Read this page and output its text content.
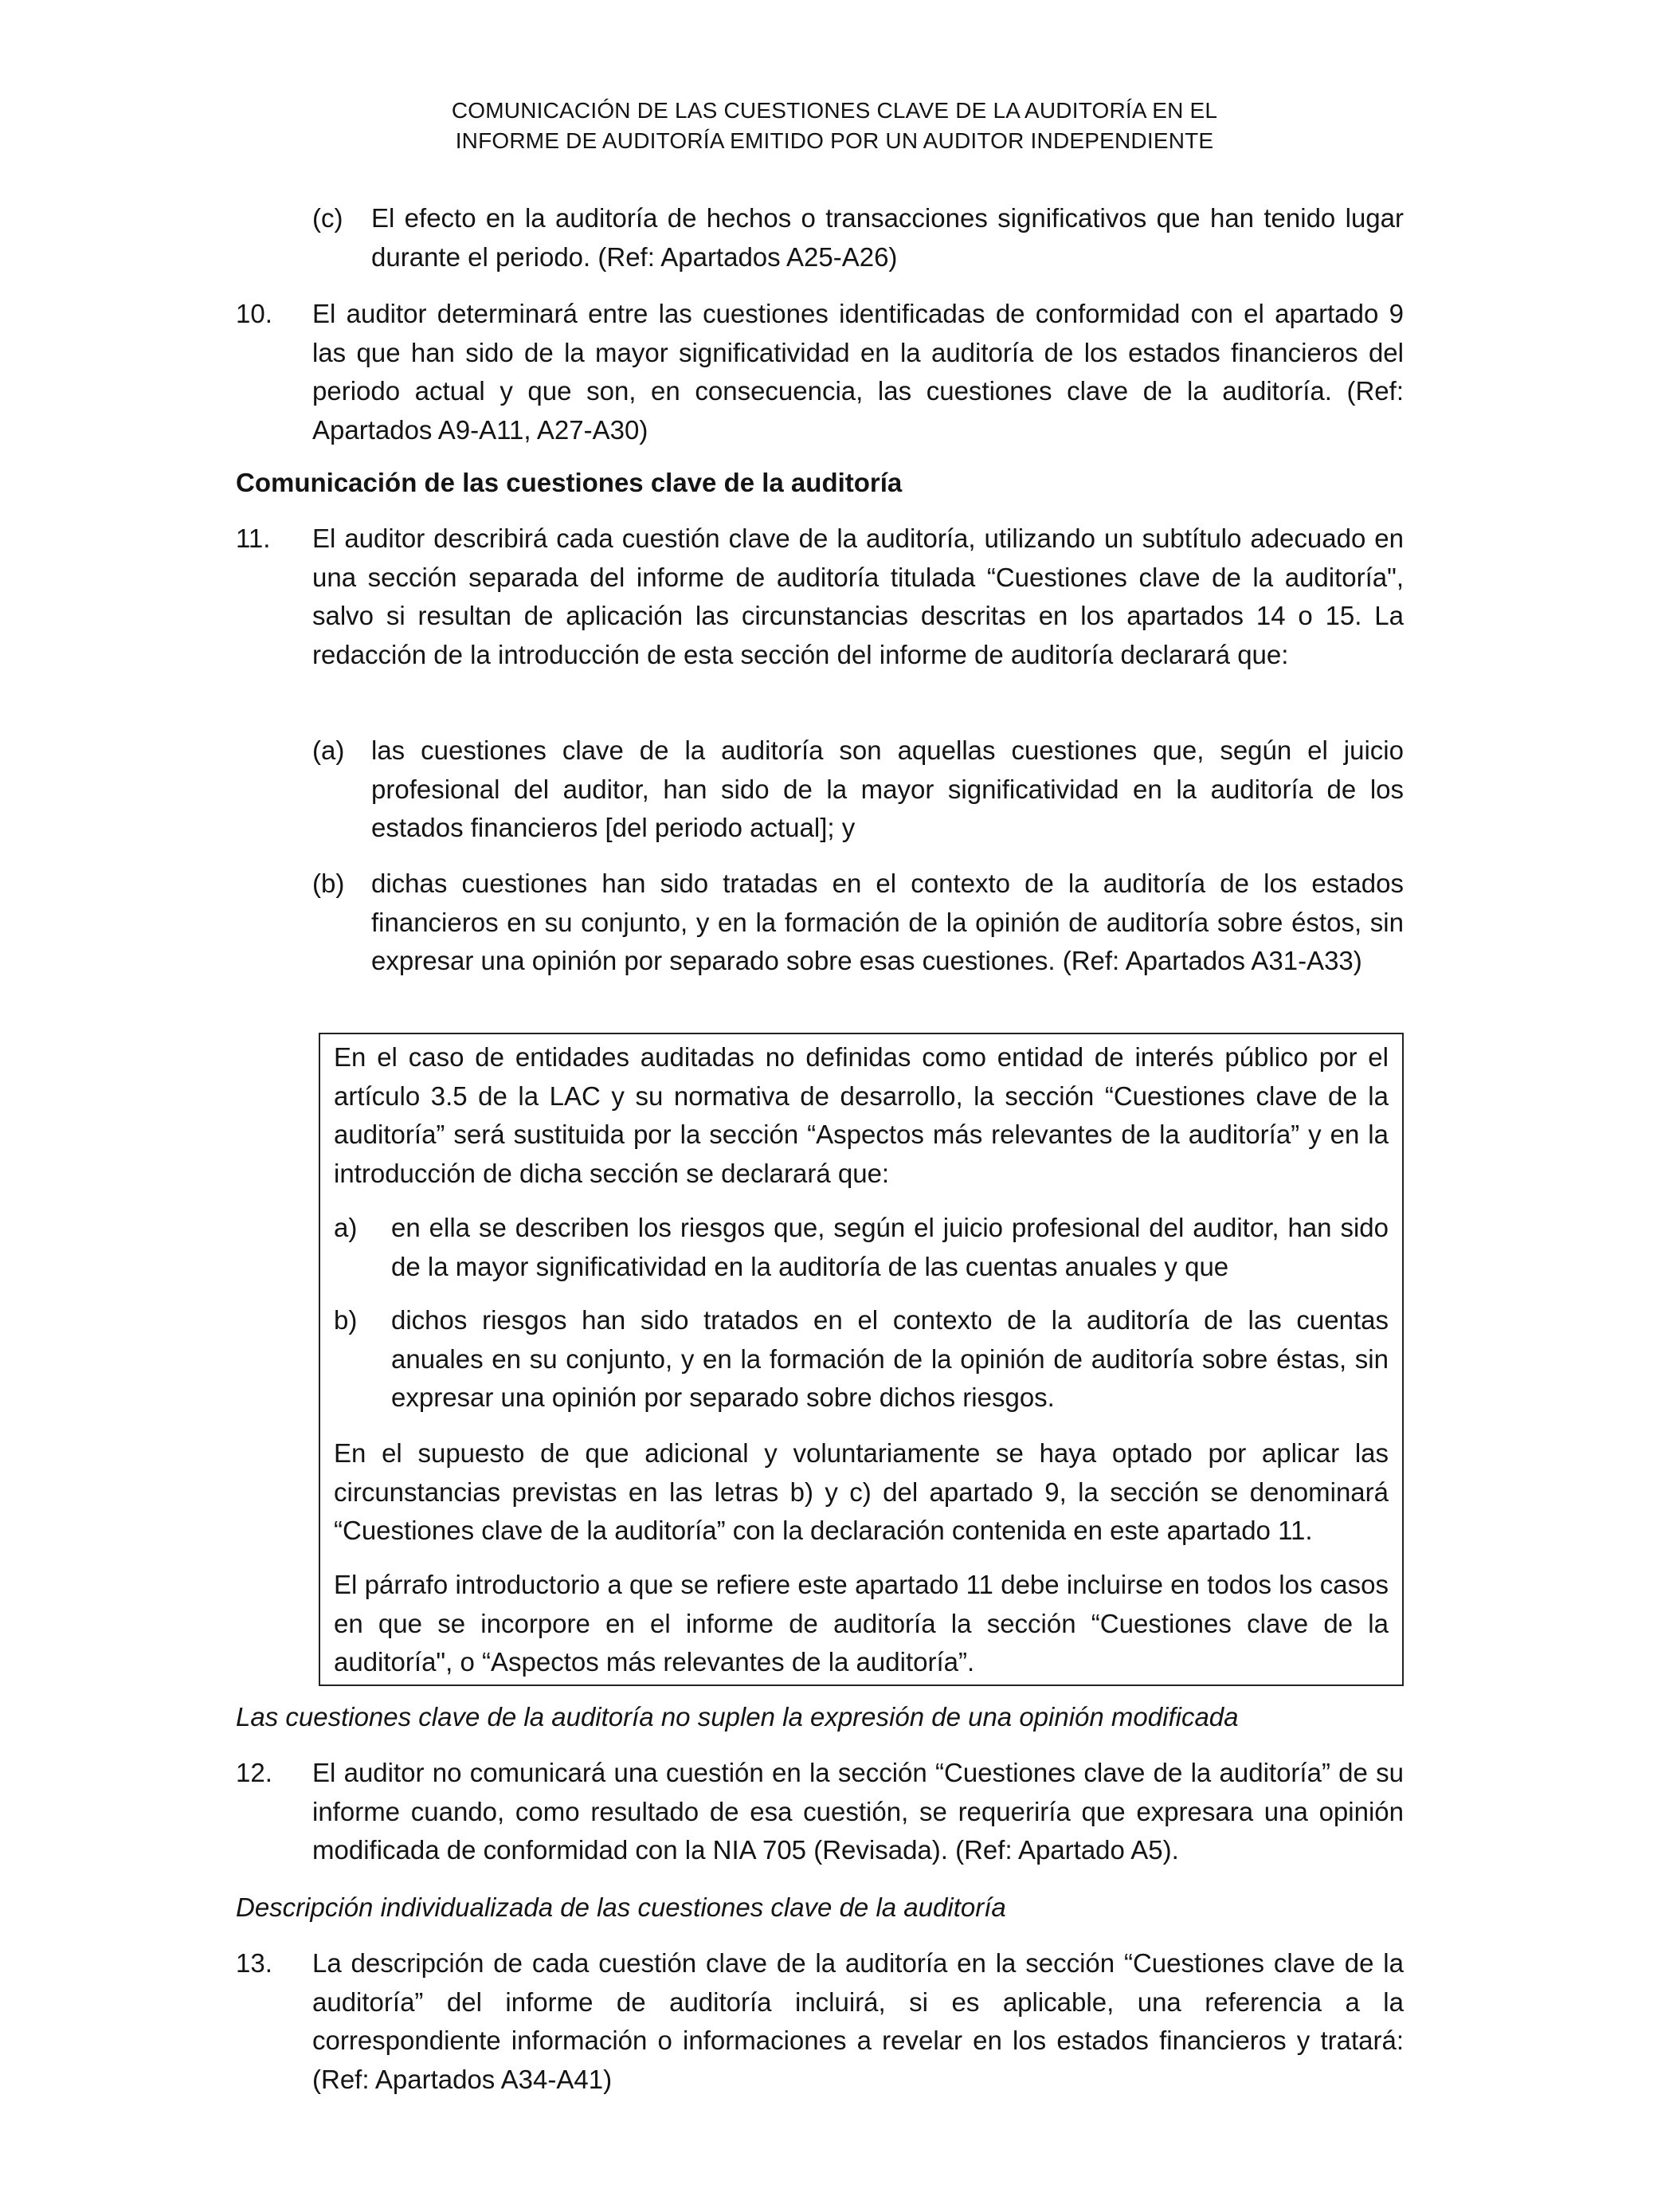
COMUNICACIÓN DE LAS CUESTIONES CLAVE DE LA AUDITORÍA EN EL
INFORME DE AUDITORÍA EMITIDO POR UN AUDITOR INDEPENDIENTE
(c) El efecto en la auditoría de hechos o transacciones significativos que han tenido lugar durante el periodo. (Ref: Apartados A25-A26)

10. El auditor determinará entre las cuestiones identificadas de conformidad con el apartado 9 las que han sido de la mayor significatividad en la auditoría de los estados financieros del periodo actual y que son, en consecuencia, las cuestiones clave de la auditoría. (Ref: Apartados A9-A11, A27-A30)

Comunicación de las cuestiones clave de la auditoría
11. El auditor describirá cada cuestión clave de la auditoría, utilizando un subtítulo adecuado en una sección separada del informe de auditoría titulada “Cuestiones clave de la auditoría", salvo si resultan de aplicación las circunstancias descritas en los apartados 14 o 15. La redacción de la introducción de esta sección del informe de auditoría declarará que:

(a) las cuestiones clave de la auditoría son aquellas cuestiones que, según el juicio profesional del auditor, han sido de la mayor significatividad en la auditoría de los estados financieros [del periodo actual]; y

(b) dichas cuestiones han sido tratadas en el contexto de la auditoría de los estados financieros en su conjunto, y en la formación de la opinión de auditoría sobre éstos, sin expresar una opinión por separado sobre esas cuestiones. (Ref: Apartados A31-A33)

En el caso de entidades auditadas no definidas como entidad de interés público por el artículo 3.5 de la LAC y su normativa de desarrollo, la sección “Cuestiones clave de la auditoría” será sustituida por la sección “Aspectos más relevantes de la auditoría” y en la introducción de dicha sección se declarará que:

a) en ella se describen los riesgos que, según el juicio profesional del auditor, han sido de la mayor significatividad en la auditoría de las cuentas anuales y que

b) dichos riesgos han sido tratados en el contexto de la auditoría de las cuentas anuales en su conjunto, y en la formación de la opinión de auditoría sobre éstas, sin expresar una opinión por separado sobre dichos riesgos.

En el supuesto de que adicional y voluntariamente se haya optado por aplicar las circunstancias previstas en las letras b) y c) del apartado 9, la sección se denominará “Cuestiones clave de la auditoría” con la declaración contenida en este apartado 11.

El párrafo introductorio a que se refiere este apartado 11 debe incluirse en todos los casos en que se incorpore en el informe de auditoría la sección “Cuestiones clave de la auditoría", o “Aspectos más relevantes de la auditoría”.

Las cuestiones clave de la auditoría no suplen la expresión de una opinión modificada
12. El auditor no comunicará una cuestión en la sección “Cuestiones clave de la auditoría” de su informe cuando, como resultado de esa cuestión, se requeriría que expresara una opinión modificada de conformidad con la NIA 705 (Revisada). (Ref: Apartado A5).

Descripción individualizada de las cuestiones clave de la auditoría
13. La descripción de cada cuestión clave de la auditoría en la sección “Cuestiones clave de la auditoría” del informe de auditoría incluirá, si es aplicable, una referencia a la correspondiente información o informaciones a revelar en los estados financieros y tratará: (Ref: Apartados A34-A41)
